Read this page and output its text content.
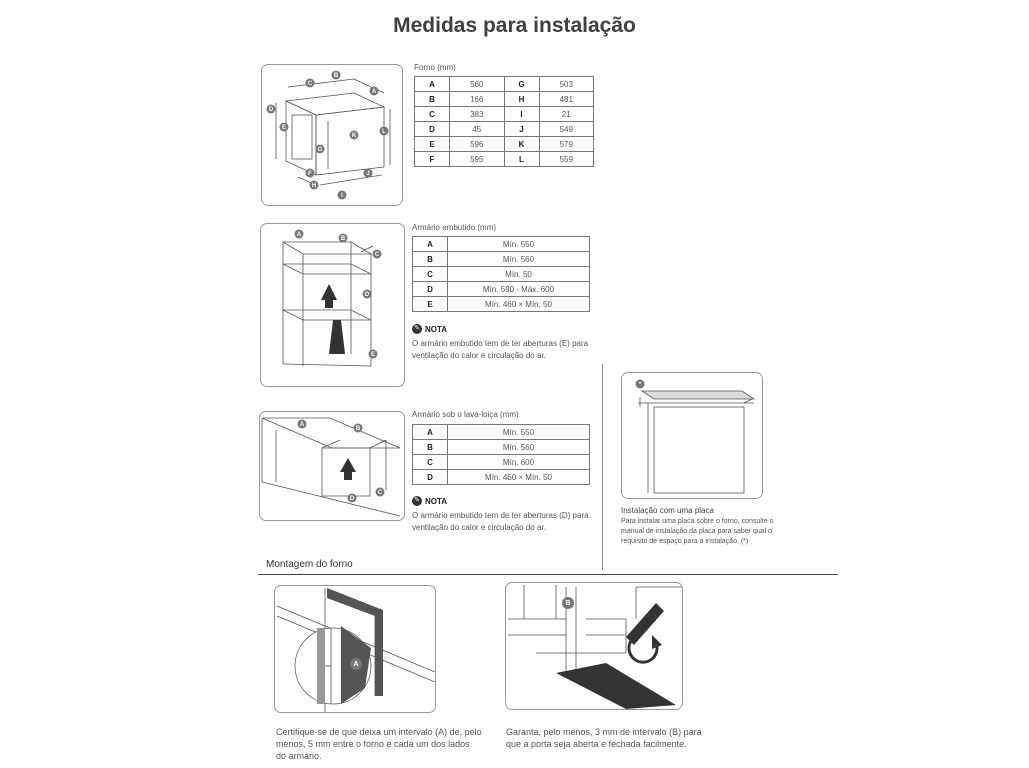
Medidas para instalação
B
C
A
D
E
G
K
L
F
H
J
I
Forno (mm)
A	560	G	503
B	166	H	481
C	383	I	21
D	45	J	549
E	596	K	579
F	595	L	559
A
B
C
D
E
Armário embutido (mm)
A	Mín. 550
B	Mín. 560
C	Mín. 50
D	Mín. 590 - Máx. 600
E	Mín. 460 × Mín. 50
✎ NOTA
O armário embutido tem de ter aberturas (E) para
ventilação do calor e circulação do ar.
A
B
C
D
Armário sob o lava-loiça (mm)
A	Mín. 550
B	Mín. 560
C	Mín. 600
D	Mín. 460 × Mín. 50
✎ NOTA
O armário embutido tem de ter aberturas (D) para
ventilação do calor e circulação do ar.
*
Instalação com uma placa
Para instalar uma placa sobre o forno, consulte o
manual de instalação da placa para saber qual o
requisito de espaço para a instalação. (*)
Montagem do forno
A
B
Certifique-se de que deixa um intervalo (A) de, pelo
menos, 5 mm entre o forno e cada um dos lados
do armário.
Garanta, pelo menos, 3 mm de intervalo (B) para
que a porta seja aberta e fechada facilmente.
